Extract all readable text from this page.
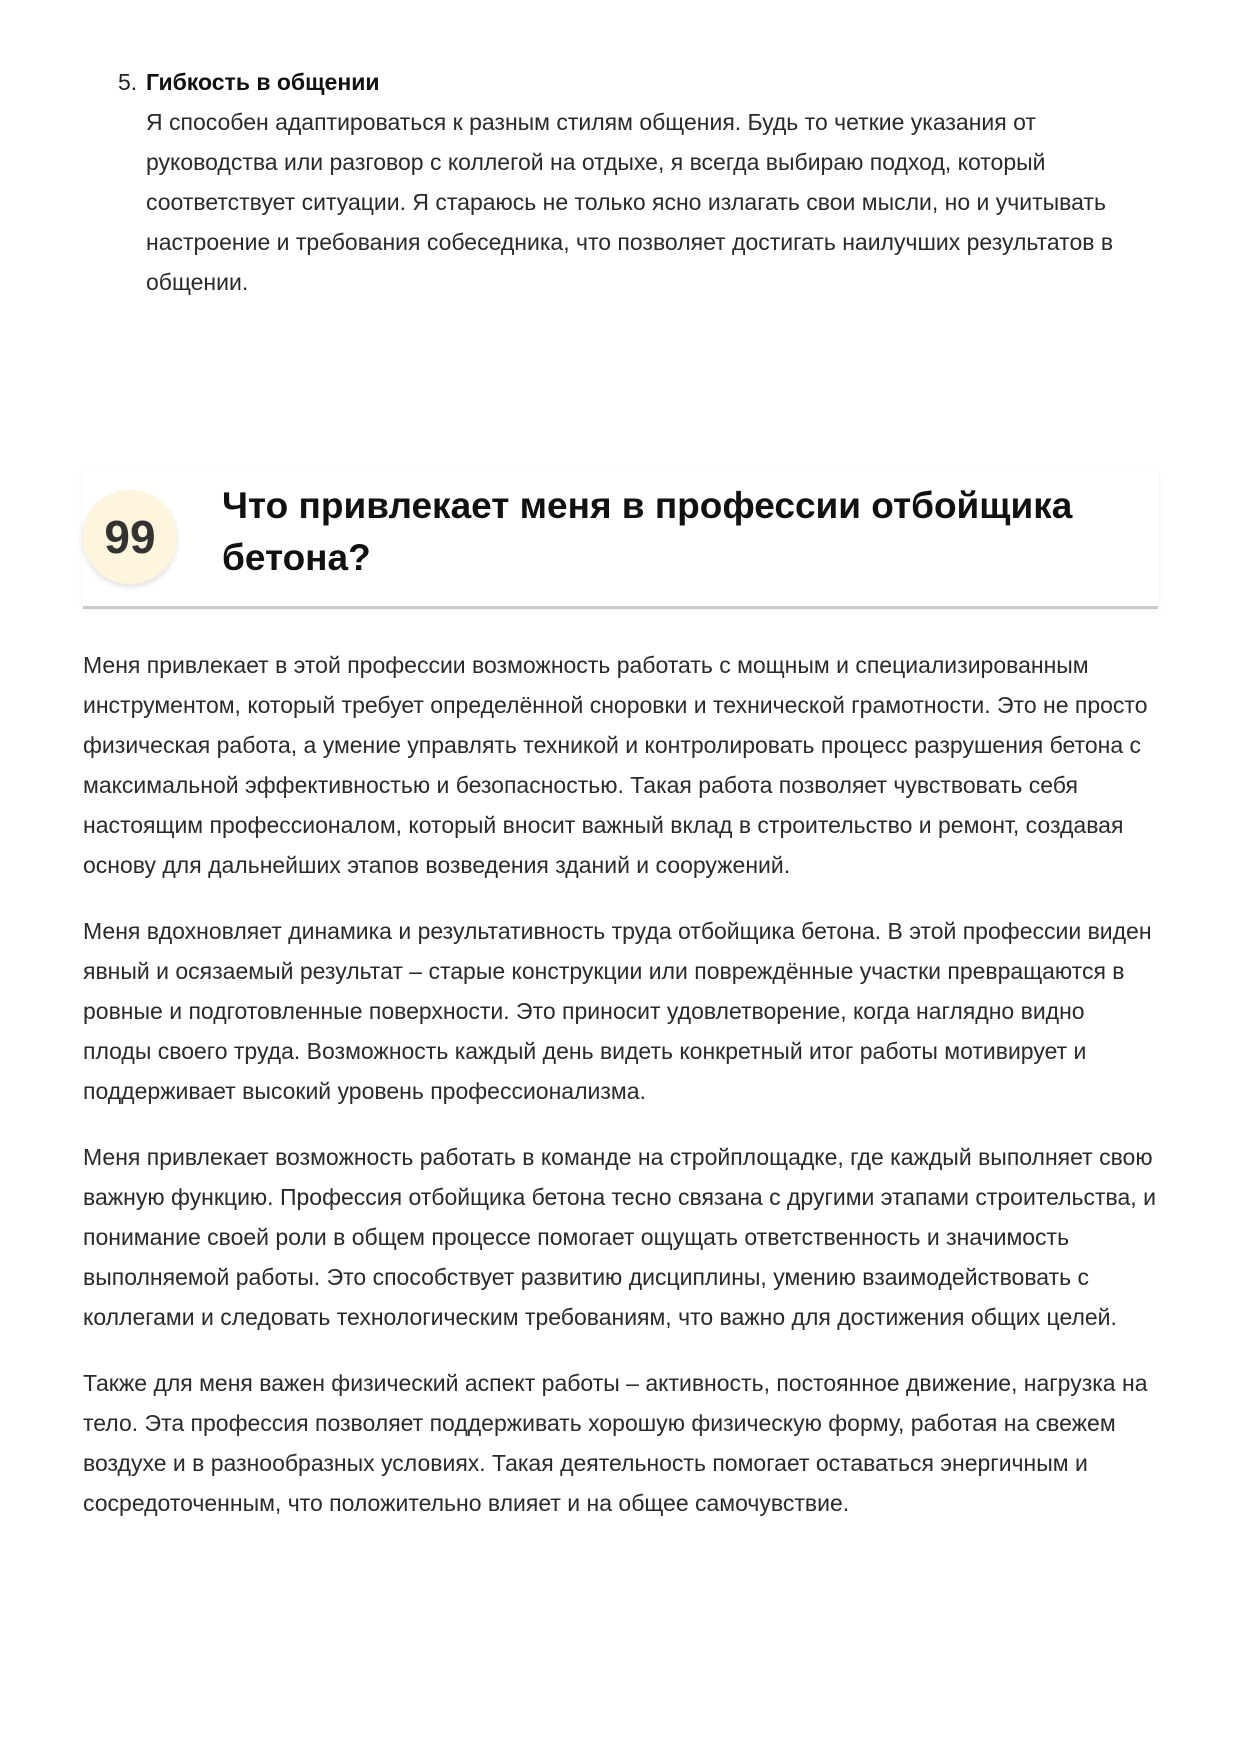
5. Гибкость в общении
Я способен адаптироваться к разным стилям общения. Будь то четкие указания от руководства или разговор с коллегой на отдыхе, я всегда выбираю подход, который соответствует ситуации. Я стараюсь не только ясно излагать свои мысли, но и учитывать настроение и требования собеседника, что позволяет достигать наилучших результатов в общении.
99
Что привлекает меня в профессии отбойщика бетона?

Меня привлекает в этой профессии возможность работать с мощным и специализированным инструментом, который требует определённой сноровки и технической грамотности. Это не просто физическая работа, а умение управлять техникой и контролировать процесс разрушения бетона с максимальной эффективностью и безопасностью. Такая работа позволяет чувствовать себя настоящим профессионалом, который вносит важный вклад в строительство и ремонт, создавая основу для дальнейших этапов возведения зданий и сооружений.

Меня вдохновляет динамика и результативность труда отбойщика бетона. В этой профессии виден явный и осязаемый результат – старые конструкции или повреждённые участки превращаются в ровные и подготовленные поверхности. Это приносит удовлетворение, когда наглядно видно плоды своего труда. Возможность каждый день видеть конкретный итог работы мотивирует и поддерживает высокий уровень профессионализма.

Меня привлекает возможность работать в команде на стройплощадке, где каждый выполняет свою важную функцию. Профессия отбойщика бетона тесно связана с другими этапами строительства, и понимание своей роли в общем процессе помогает ощущать ответственность и значимость выполняемой работы. Это способствует развитию дисциплины, умению взаимодействовать с коллегами и следовать технологическим требованиям, что важно для достижения общих целей.

Также для меня важен физический аспект работы – активность, постоянное движение, нагрузка на тело. Эта профессия позволяет поддерживать хорошую физическую форму, работая на свежем воздухе и в разнообразных условиях. Такая деятельность помогает оставаться энергичным и сосредоточенным, что положительно влияет и на общее самочувствие.
